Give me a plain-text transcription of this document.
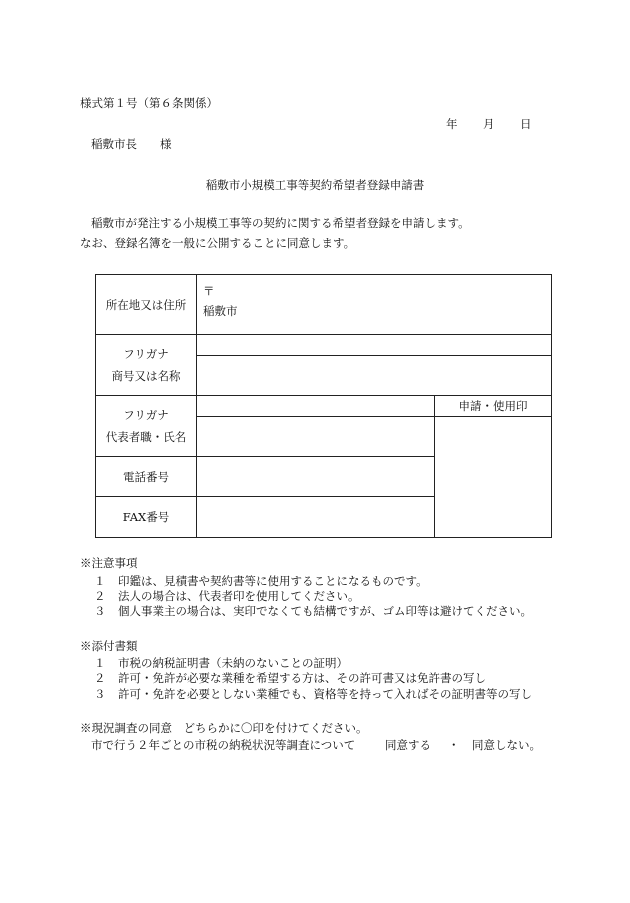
様式第１号（第６条関係）
年 月 日
稲敷市長　　様
稲敷市小規模工事等契約希望者登録申請書
稲敷市が発注する小規模工事等の契約に関する希望者登録を申請します。
なお、登録名簿を一般に公開することに同意します。
所在地又は住所	〒
稲敷市	

フリガナ
商号又は名称		

フリガナ
代表者職・氏名		申請・使用印

電話番号		
FAX番号		
※注意事項
１ 印鑑は、見積書や契約書等に使用することになるものです。
２ 法人の場合は、代表者印を使用してください。
３ 個人事業主の場合は、実印でなくても結構ですが、ゴム印等は避けてください。
※添付書類
１ 市税の納税証明書（未納のないことの証明）
２ 許可・免許が必要な業種を希望する方は、その許可書又は免許書の写し
３ 許可・免許を必要としない業種でも、資格等を持って入ればその証明書等の写し
※現況調査の同意　どちらかに〇印を付けてください。
市で行う２年ごとの市税の納税状況等調査について	同意する ・ 同意しない。
